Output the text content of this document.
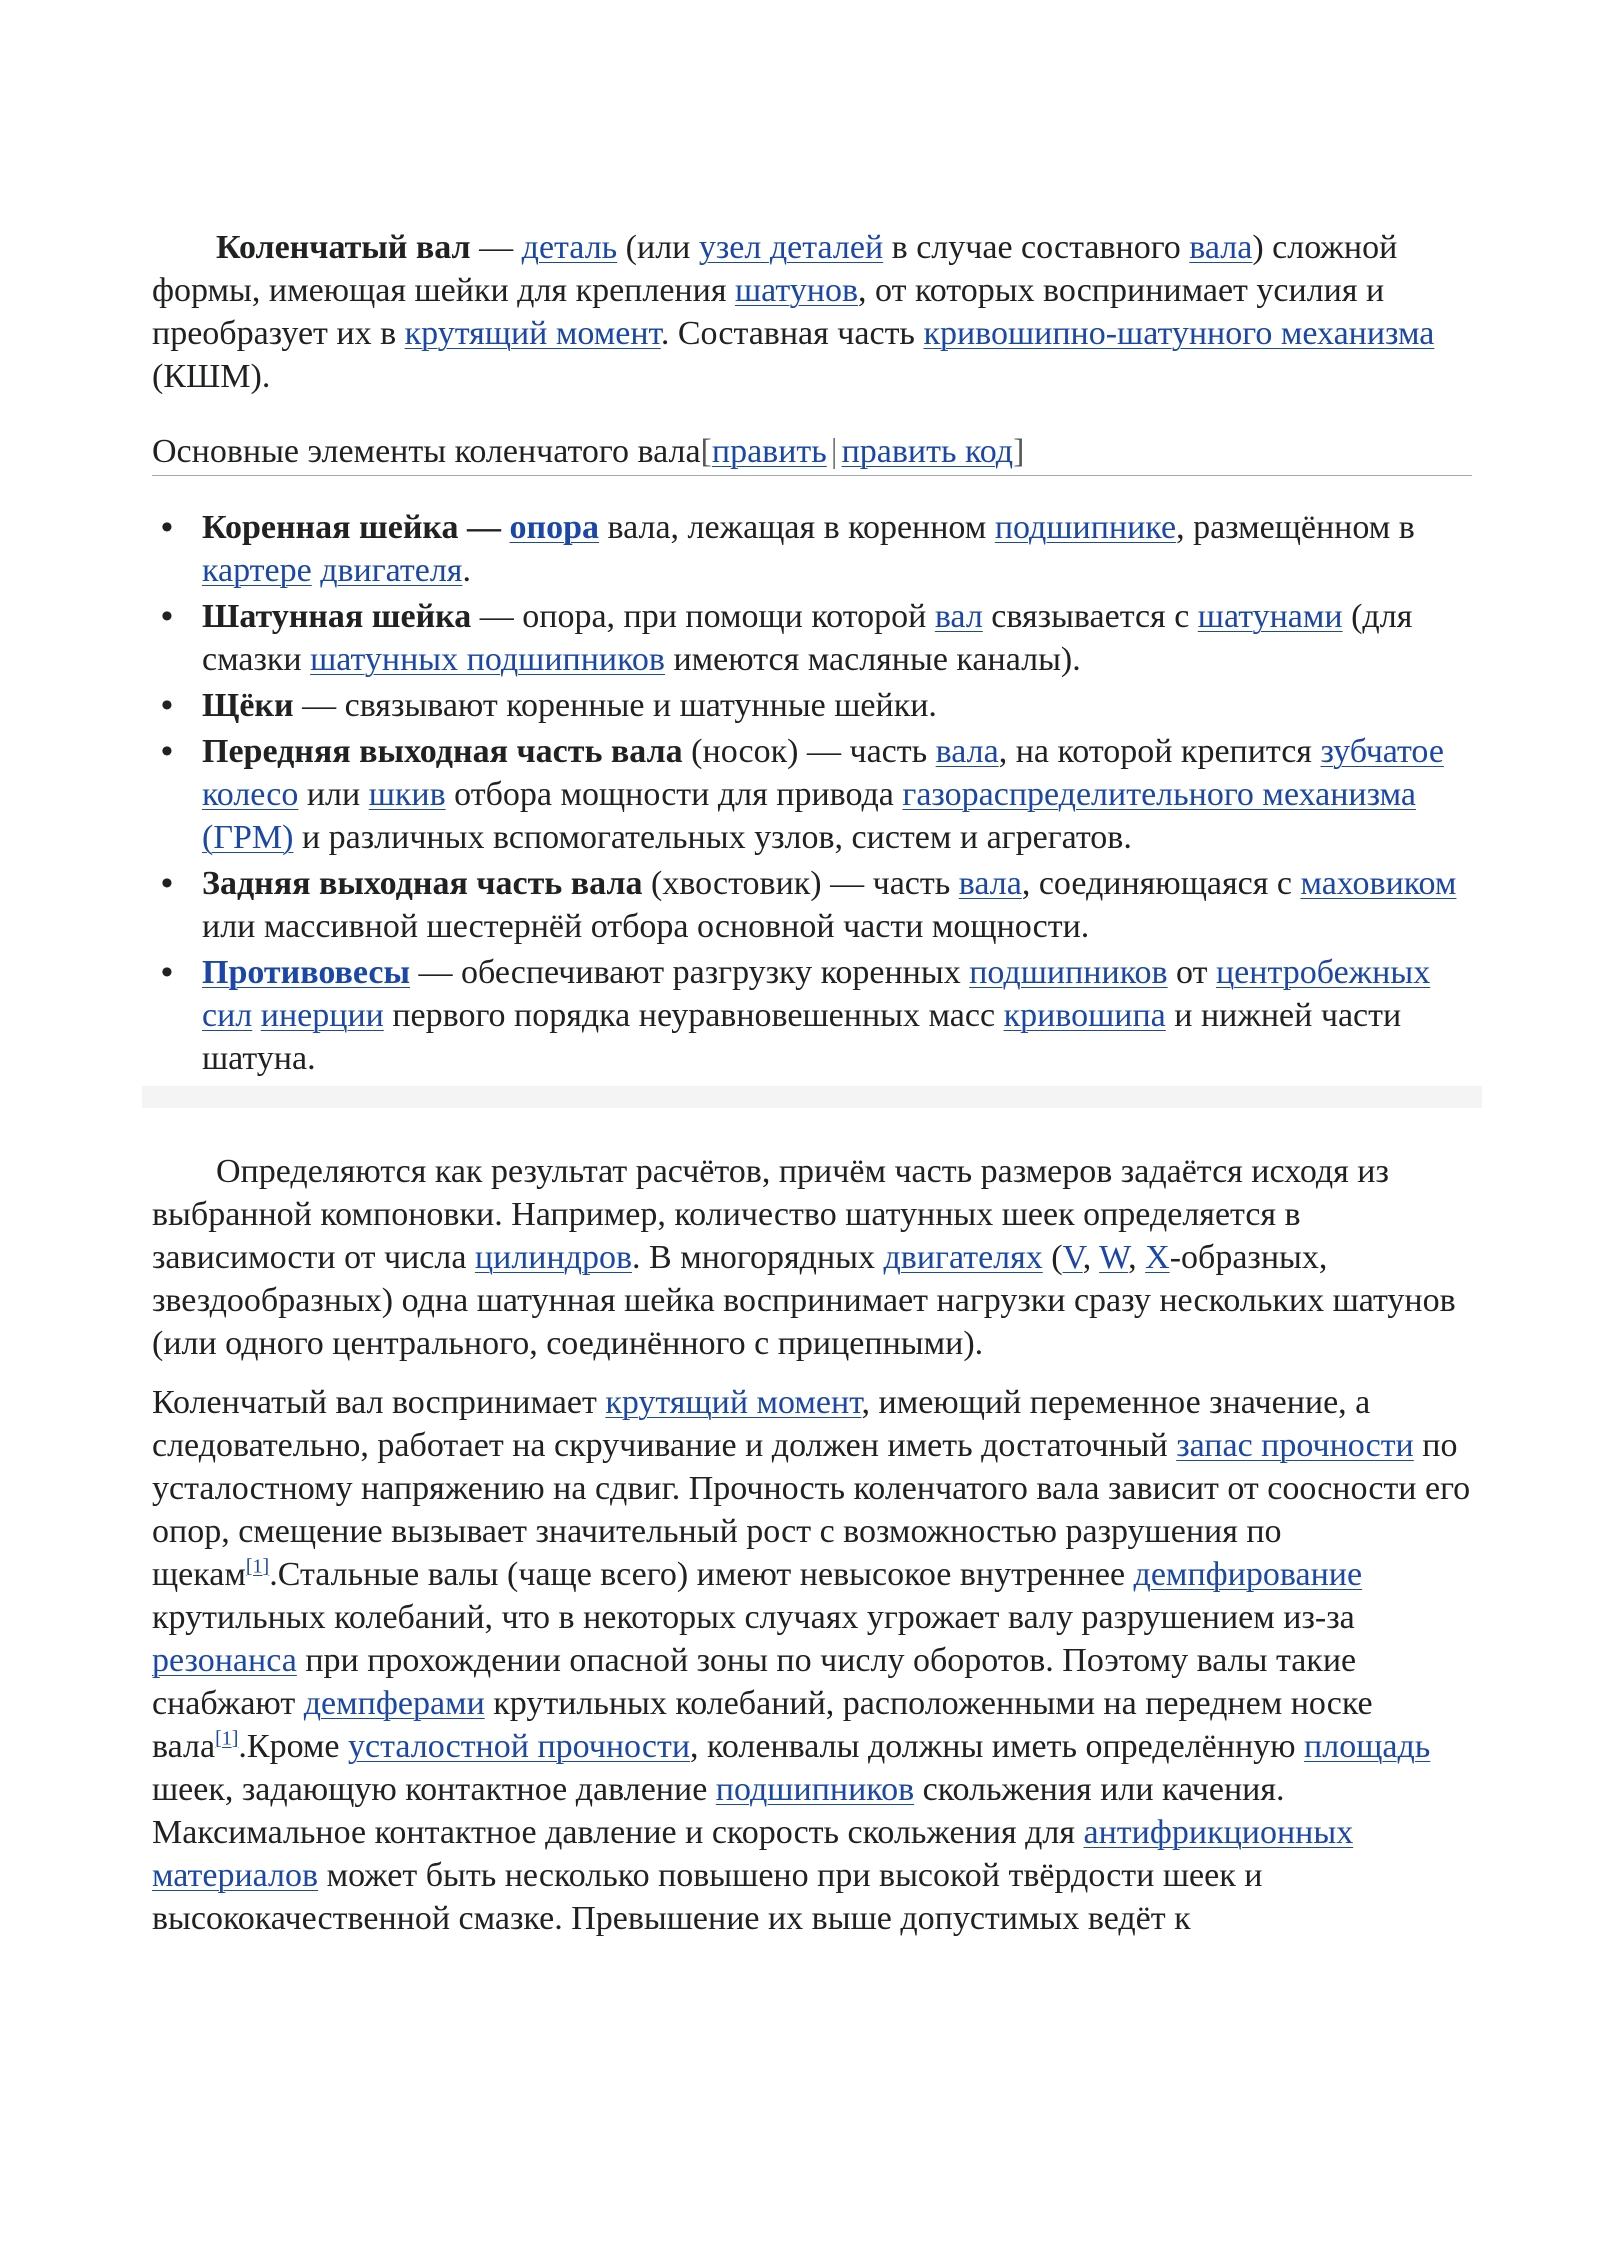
Коленчатый вал — деталь (или узел деталей в случае составного вала) сложной формы, имеющая шейки для крепления шатунов, от которых воспринимает усилия и преобразует их в крутящий момент. Составная часть кривошипно-шатунного механизма (КШМ).

Основные элементы коленчатого вала[править | править код]
• Коренная шейка — опора вала, лежащая в коренном подшипнике, размещённом в картере двигателя.
• Шатунная шейка — опора, при помощи которой вал связывается с шатунами (для смазки шатунных подшипников имеются масляные каналы).
• Щёки — связывают коренные и шатунные шейки.
• Передняя выходная часть вала (носок) — часть вала, на которой крепится зубчатое колесо или шкив отбора мощности для привода газораспределительного механизма (ГРМ) и различных вспомогательных узлов, систем и агрегатов.
• Задняя выходная часть вала (хвостовик) — часть вала, соединяющаяся с маховиком или массивной шестернёй отбора основной части мощности.
• Противовесы — обеспечивают разгрузку коренных подшипников от центробежных сил инерции первого порядка неуравновешенных масс кривошипа и нижней части шатуна.

Определяются как результат расчётов, причём часть размеров задаётся исходя из выбранной компоновки. Например, количество шатунных шеек определяется в зависимости от числа цилиндров. В многорядных двигателях (V, W, X-образных, звездообразных) одна шатунная шейка воспринимает нагрузки сразу нескольких шатунов (или одного центрального, соединённого с прицепными).

Коленчатый вал воспринимает крутящий момент, имеющий переменное значение, а следовательно, работает на скручивание и должен иметь достаточный запас прочности по усталостному напряжению на сдвиг. Прочность коленчатого вала зависит от соосности его опор, смещение вызывает значительный рост с возможностью разрушения по щекам[1].Стальные валы (чаще всего) имеют невысокое внутреннее демпфирование крутильных колебаний, что в некоторых случаях угрожает валу разрушением из-за резонанса при прохождении опасной зоны по числу оборотов. Поэтому валы такие снабжают демпферами крутильных колебаний, расположенными на переднем носке вала[1].Кроме усталостной прочности, коленвалы должны иметь определённую площадь шеек, задающую контактное давление подшипников скольжения или качения. Максимальное контактное давление и скорость скольжения для антифрикционных материалов может быть несколько повышено при высокой твёрдости шеек и высококачественной смазке. Превышение их выше допустимых ведёт к
